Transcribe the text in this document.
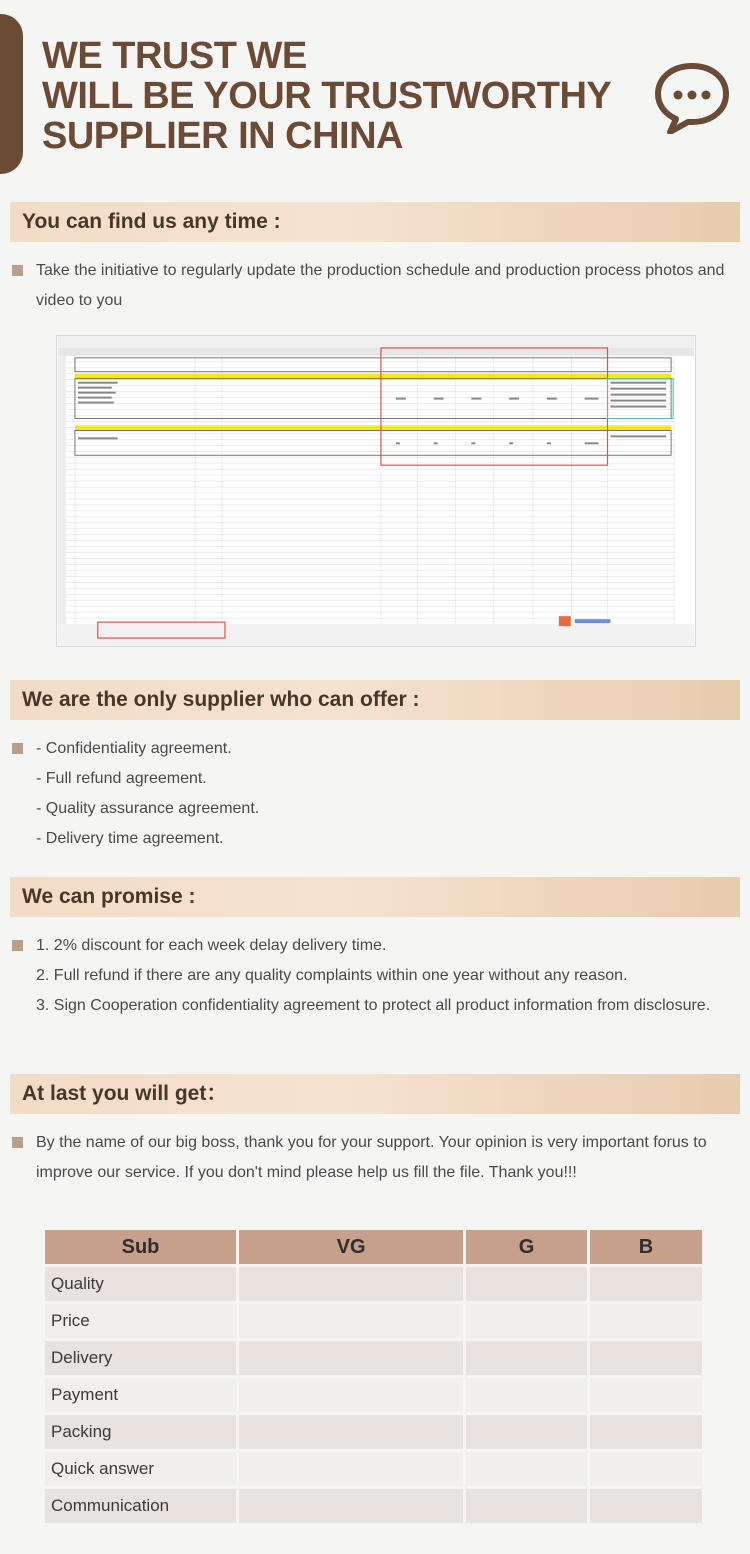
WE TRUST WE
WILL BE YOUR TRUSTWORTHY
SUPPLIER IN CHINA
You can find us any time :
Take the initiative to regularly update the production schedule and production process photos and video to you
We are the only supplier who can offer :
- Confidentiality agreement.
- Full refund agreement.
- Quality assurance agreement.
- Delivery time agreement.
We can promise :
1. 2% discount for each week delay delivery time.
2. Full refund if there are any quality complaints within one year without any reason.
3. Sign Cooperation confidentiality agreement to protect all product information from disclosure.
At last you will get：
By the name of our big boss, thank you for your support. Your opinion is very important forus to improve our service. If you don't mind please help us fill the file. Thank you!!!
Sub	VG	G	B
Quality			
Price			
Delivery			
Payment			
Packing			
Quick answer			
Communication			
